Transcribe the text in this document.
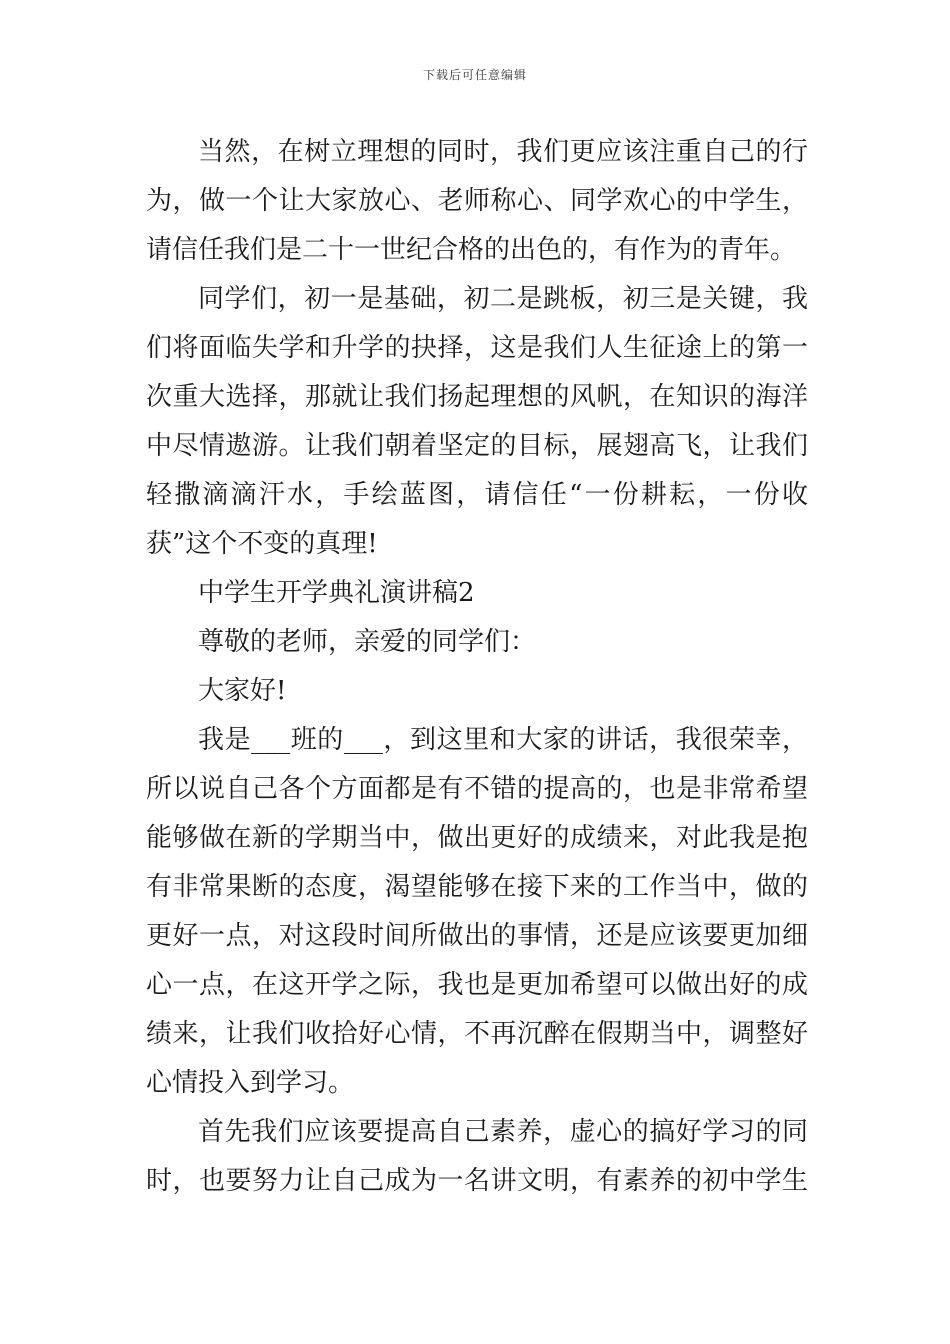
下载后可任意编辑
当然，在树立理想的同时，我们更应该注重自己的行
为，做一个让大家放心、老师称心、同学欢心的中学生，
请信任我们是二十一世纪合格的出色的，有作为的青年。
同学们，初一是基础，初二是跳板，初三是关键，我
们将面临失学和升学的抉择，这是我们人生征途上的第一
次重大选择，那就让我们扬起理想的风帆，在知识的海洋
中尽情遨游。让我们朝着坚定的目标，展翅高飞，让我们
轻撒滴滴汗水，手绘蓝图，请信任“一份耕耘，一份收
获”这个不变的真理!
中学生开学典礼演讲稿2
尊敬的老师，亲爱的同学们：
大家好!
我是___班的___，到这里和大家的讲话，我很荣幸，
所以说自己各个方面都是有不错的提高的，也是非常希望
能够做在新的学期当中，做出更好的成绩来，对此我是抱
有非常果断的态度，渴望能够在接下来的工作当中，做的
更好一点，对这段时间所做出的事情，还是应该要更加细
心一点，在这开学之际，我也是更加希望可以做出好的成
绩来，让我们收拾好心情，不再沉醉在假期当中，调整好
心情投入到学习。
首先我们应该要提高自己素养，虚心的搞好学习的同
时，也要努力让自己成为一名讲文明，有素养的初中学生
